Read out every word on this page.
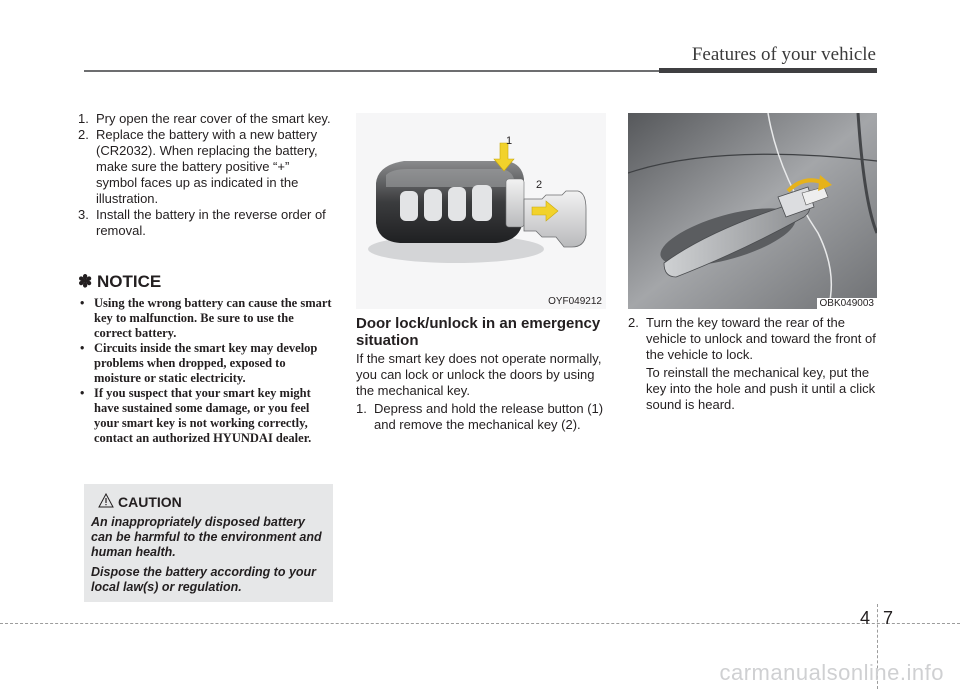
Features of your vehicle
1. Pry open the rear cover of the smart key.
2. Replace the battery with a new battery (CR2032). When replacing the battery, make sure the battery positive “+” symbol faces up as indicated in the illustration.
3. Install the battery in the reverse order of removal.
✽ NOTICE
• Using the wrong battery can cause the smart key to malfunction. Be sure to use the correct battery.
• Circuits inside the smart key may develop problems when dropped, exposed to moisture or static electricity.
• If you suspect that your smart key might have sustained some damage, or you feel your smart key is not working correctly, contact an authorized HYUNDAI dealer.
CAUTION

An inappropriately disposed battery can be harmful to the environment and human health.

Dispose the battery according to your local law(s) or regulation.

1
2
OYF049212	OBK049003
Door lock/unlock in an emergency situation

If the smart key does not operate normally, you can lock or unlock the doors by using the mechanical key.

1. Depress and hold the release button (1) and remove the mechanical key (2).
2. Turn the key toward the rear of the vehicle to unlock and toward the front of the vehicle to lock.

To reinstall the mechanical key, put the key into the hole and push it until a click sound is heard.

4 7
carmanualsonline.info
